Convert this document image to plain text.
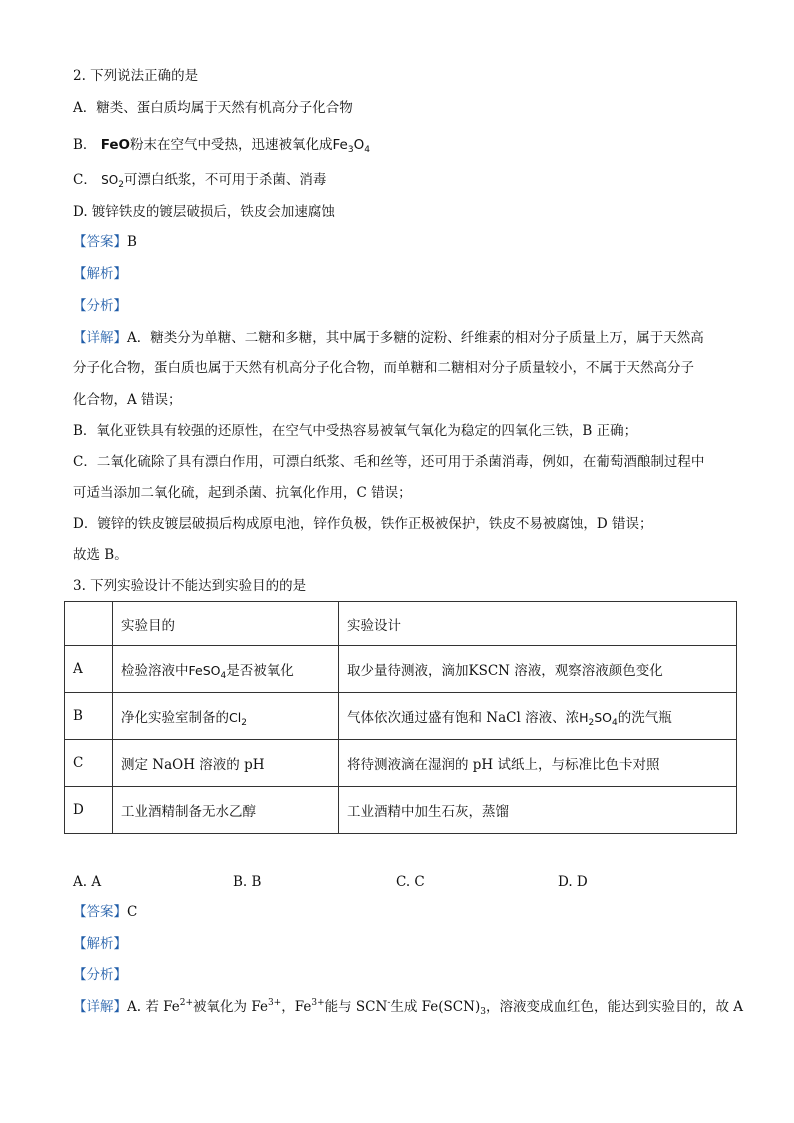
2. 下列说法正确的是
A．糖类、蛋白质均属于天然有机高分子化合物
B． FeO粉末在空气中受热，迅速被氧化成$Fe_3O_4$
C． $SO_2$可漂白纸浆，不可用于杀菌、消毒
D. 镀锌铁皮的镀层破损后，铁皮会加速腐蚀
【答案】B
【解析】
【分析】
【详解】A．糖类分为单糖、二糖和多糖，其中属于多糖的淀粉、纤维素的相对分子质量上万，属于天然高
分子化合物，蛋白质也属于天然有机高分子化合物，而单糖和二糖相对分子质量较小，不属于天然高分子
化合物，A 错误；
B．氧化亚铁具有较强的还原性，在空气中受热容易被氧气氧化为稳定的四氧化三铁，B 正确；
C．二氧化硫除了具有漂白作用，可漂白纸浆、毛和丝等，还可用于杀菌消毒，例如，在葡萄酒酿制过程中
可适当添加二氧化硫，起到杀菌、抗氧化作用，C 错误；
D．镀锌的铁皮镀层破损后构成原电池，锌作负极，铁作正极被保护，铁皮不易被腐蚀，D 错误；
故选 B。
3. 下列实验设计不能达到实验目的的是
	实验目的	实验设计
A	检验溶液中FeSO$_4$是否被氧化	取少量待测液，滴加KSCN 溶液，观察溶液颜色变化
B	净化实验室制备的$Cl_2$	气体依次通过盛有饱和 NaCl 溶液、浓$H_2SO_4$的洗气瓶
C	测定 NaOH 溶液的 pH	将待测液滴在湿润的 pH 试纸上，与标准比色卡对照
D	工业酒精制备无水乙醇	工业酒精中加生石灰，蒸馏
A. A	B. B	C. C	D. D
【答案】C
【解析】
【分析】
【详解】A. 若 $Fe^{2+}$被氧化为 $Fe^{3+}$，$Fe^{3+}$能与 SCN-生成 $Fe(SCN)_3$，溶液变成血红色，能达到实验目的，故 A
